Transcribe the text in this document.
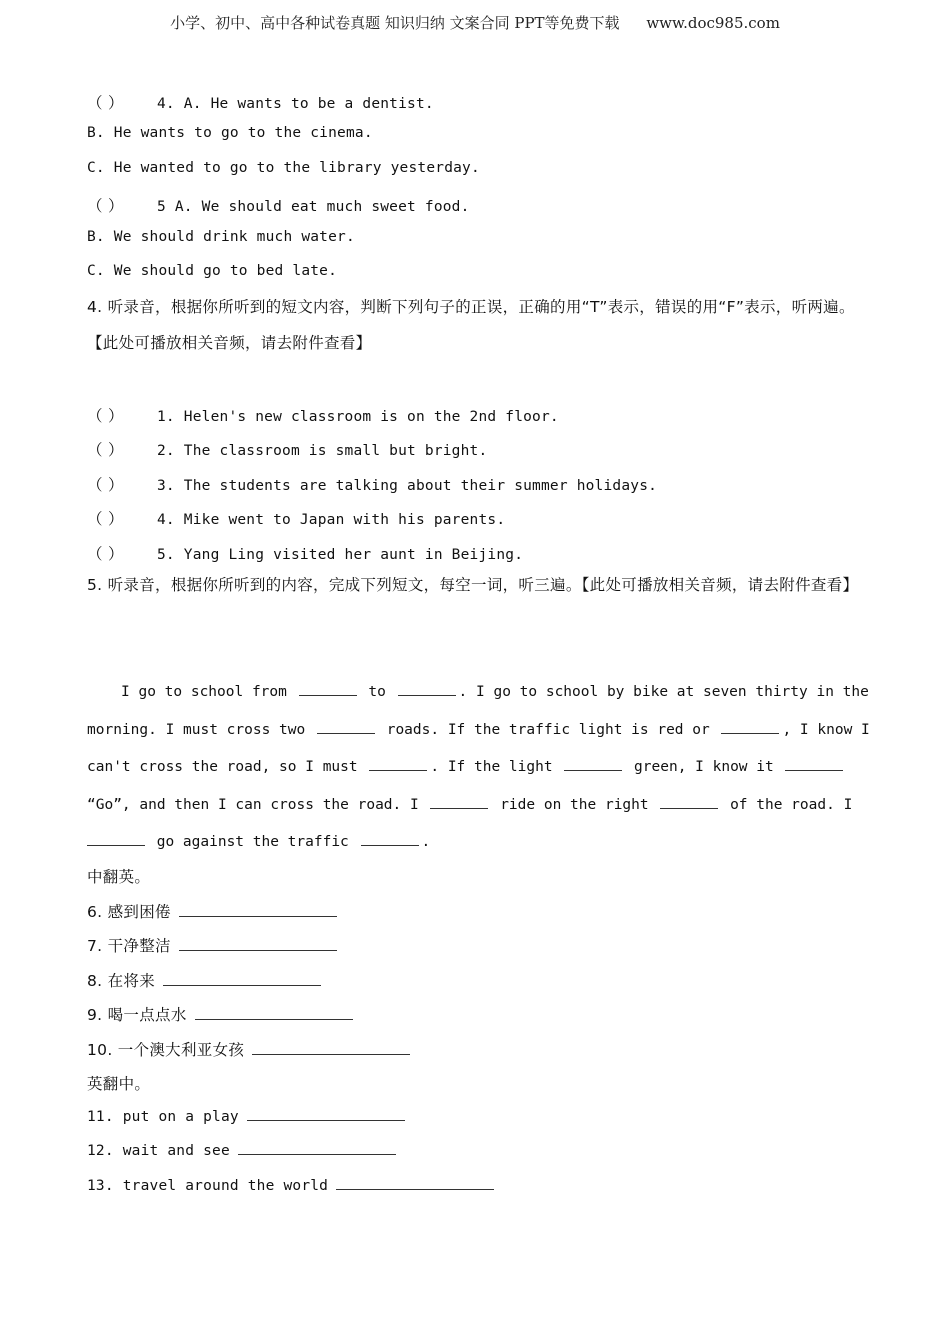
小学、初中、高中各种试卷真题 知识归纳 文案合同 PPT等免费下载 www.doc985.com
（ ） 4. A. He wants to be a dentist.
B. He wants to go to the cinema.
C. He wanted to go to the library yesterday.
（ ） 5 A. We should eat much sweet food.
B. We should drink much water.
C. We should go to bed late.
4. 听录音，根据你所听到的短文内容，判断下列句子的正误，正确的用“T”表示，错误的用“F”表示，听两遍。【此处可播放相关音频，请去附件查看】
（ ） 1. Helen's new classroom is on the 2nd floor.
（ ） 2. The classroom is small but bright.
（ ） 3. The students are talking about their summer holidays.
（ ） 4. Mike went to Japan with his parents.
（ ） 5. Yang Ling visited her aunt in Beijing.
5. 听录音，根据你所听到的内容，完成下列短文，每空一词，听三遍。【此处可播放相关音频，请去附件查看】
I go to school from	to	. I go to school by bike at seven thirty in the
morning. I must cross two	roads. If the traffic light is red or	, I know I
can't cross the road, so I must	. If the light	green, I know it
“Go”, and then I can cross the road. I	ride on the right	of the road. I
go against the traffic	.
中翻英。
6. 感到困倦
7. 干净整洁
8. 在将来
9. 喝一点点水
10. 一个澳大利亚女孩
英翻中。
11. put on a play
12. wait and see
13. travel around the world
